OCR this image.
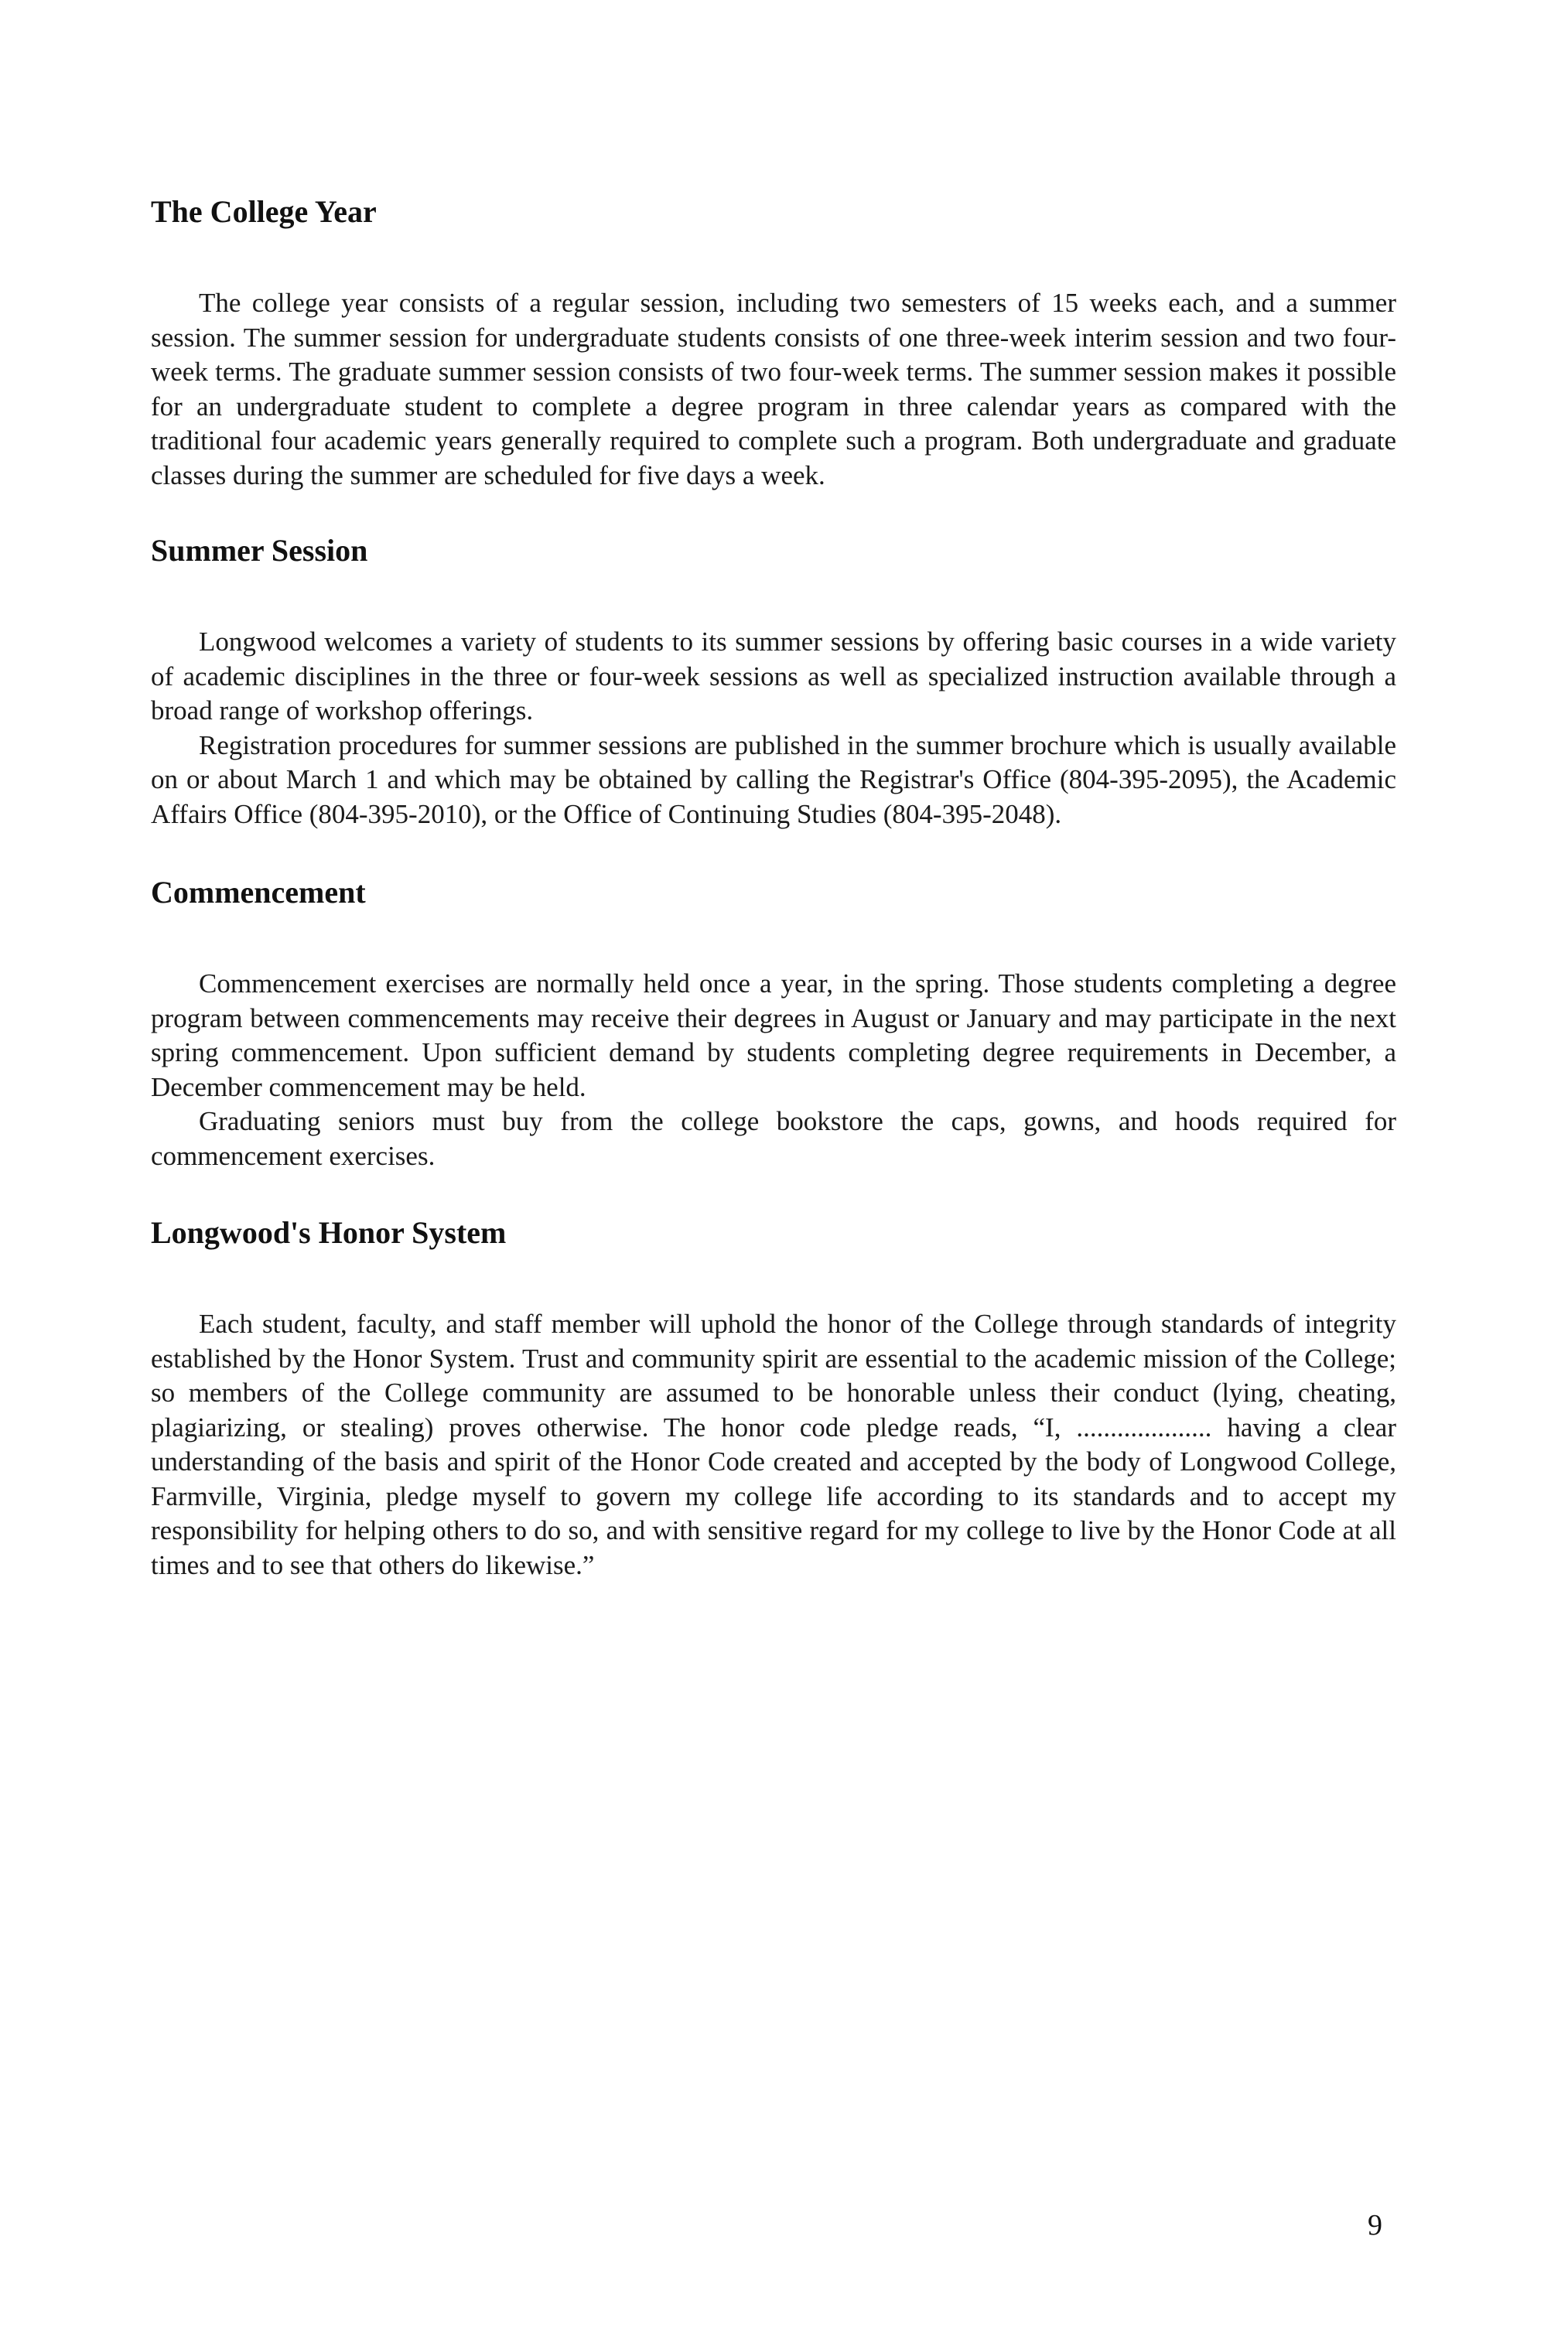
The College Year

The college year consists of a regular session, including two semesters of 15 weeks each, and a summer session. The summer session for undergraduate students consists of one three-week interim session and two four-week terms. The graduate summer session consists of two four-week terms. The summer session makes it possible for an undergraduate student to complete a degree program in three calendar years as compared with the traditional four academic years generally required to complete such a program. Both undergraduate and graduate classes during the summer are scheduled for five days a week.

Summer Session

Longwood welcomes a variety of students to its summer sessions by offering basic courses in a wide variety of academic disciplines in the three or four-week sessions as well as specialized instruction available through a broad range of workshop offerings.

Registration procedures for summer sessions are published in the summer brochure which is usually available on or about March 1 and which may be obtained by calling the Registrar's Office (804-395-2095), the Academic Affairs Office (804-395-2010), or the Office of Continuing Studies (804-395-2048).

Commencement

Commencement exercises are normally held once a year, in the spring. Those students completing a degree program between commencements may receive their degrees in August or January and may participate in the next spring commencement. Upon sufficient demand by students completing degree requirements in December, a December commencement may be held.

Graduating seniors must buy from the college bookstore the caps, gowns, and hoods required for commencement exercises.

Longwood's Honor System

Each student, faculty, and staff member will uphold the honor of the College through standards of integrity established by the Honor System. Trust and community spirit are essential to the academic mission of the College; so members of the College community are assumed to be honorable unless their conduct (lying, cheating, plagiarizing, or stealing) proves otherwise. The honor code pledge reads, “I, .................... having a clear understanding of the basis and spirit of the Honor Code created and accepted by the body of Longwood College, Farmville, Virginia, pledge myself to govern my college life according to its standards and to accept my responsibility for helping others to do so, and with sensitive regard for my college to live by the Honor Code at all times and to see that others do likewise.”

9
